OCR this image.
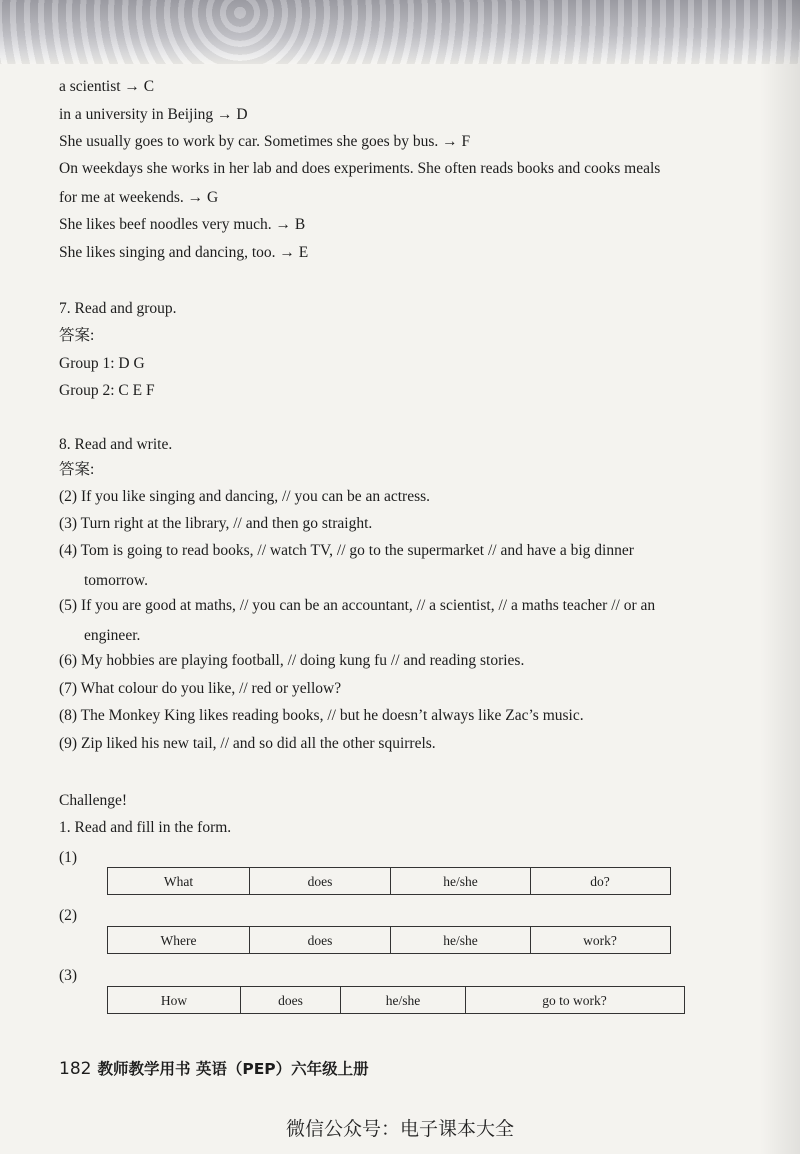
a scientist → C
in a university in Beijing → D
She usually goes to work by car. Sometimes she goes by bus. → F
On weekdays she works in her lab and does experiments. She often reads books and cooks meals
for me at weekends. → G
She likes beef noodles very much. → B
She likes singing and dancing, too. → E
7. Read and group.
答案:
Group 1: D G
Group 2: C E F
8. Read and write.
答案:
(2) If you like singing and dancing, // you can be an actress.
(3) Turn right at the library, // and then go straight.
(4) Tom is going to read books, // watch TV, // go to the supermarket // and have a big dinner
tomorrow.
(5) If you are good at maths, // you can be an accountant, // a scientist, // a maths teacher // or an
engineer.
(6) My hobbies are playing football, // doing kung fu // and reading stories.
(7) What colour do you like, // red or yellow?
(8) The Monkey King likes reading books, // but he doesn’t always like Zac’s music.
(9) Zip liked his new tail, // and so did all the other squirrels.
Challenge!
1. Read and fill in the form.
(1)
What	does	he/she	do?
(2)
Where	does	he/she	work?
(3)
How	does	he/she	go to work?
182 教师教学用书 英语（PEP）六年级上册
微信公众号：电子课本大全
